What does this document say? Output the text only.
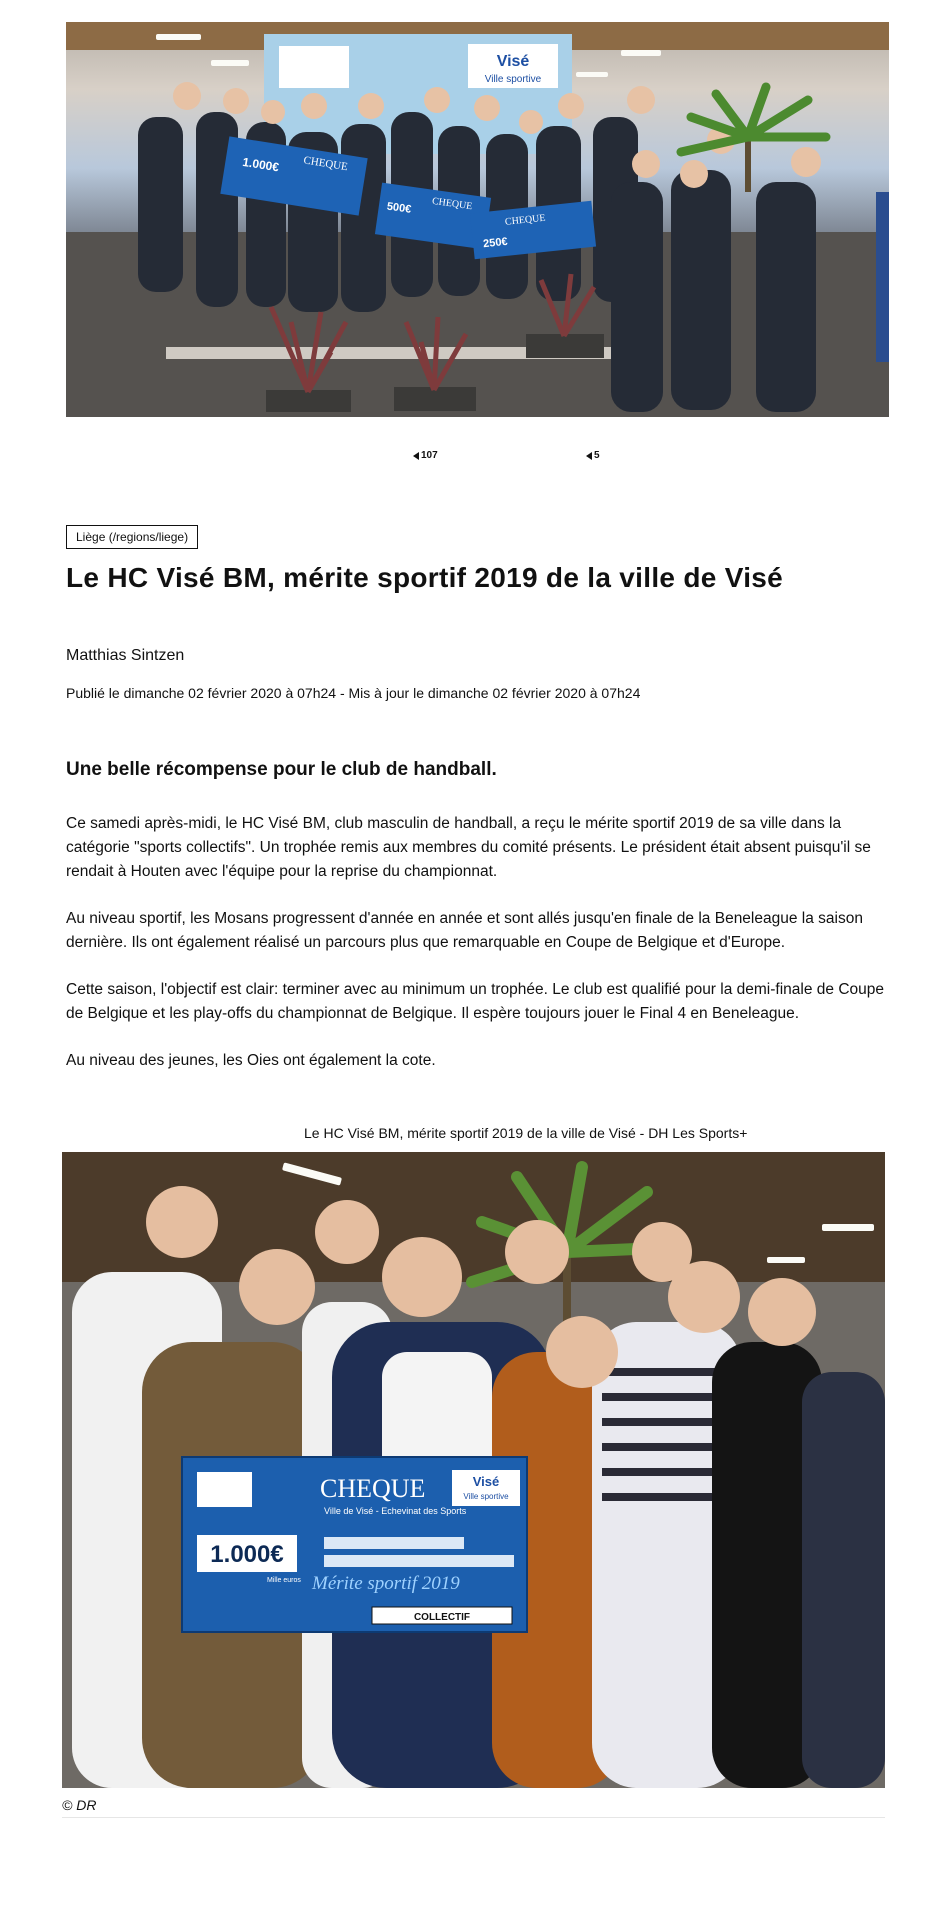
Visé
Ville sportive
1.000€ CHEQUE
500€ CHEQUE
250€
CHEQUE
107	5
Liège (/regions/liege)
Le HC Visé BM, mérite sportif 2019 de la ville de Visé
Matthias Sintzen
Publié le dimanche 02 février 2020 à 07h24 - Mis à jour le dimanche 02 février 2020 à 07h24
Une belle récompense pour le club de handball.

Ce samedi après-midi, le HC Visé BM, club masculin de handball, a reçu le mérite sportif 2019 de sa ville dans la catégorie "sports collectifs". Un trophée remis aux membres du comité présents. Le président était absent puisqu'il se rendait à Houten avec l'équipe pour la reprise du championnat.

Au niveau sportif, les Mosans progressent d'année en année et sont allés jusqu'en finale de la Beneleague la saison dernière. Ils ont également réalisé un parcours plus que remarquable en Coupe de Belgique et d'Europe.

Cette saison, l'objectif est clair: terminer avec au minimum un trophée. Le club est qualifié pour la demi-finale de Coupe de Belgique et les play-offs du championnat de Belgique. Il espère toujours jouer le Final 4 en Beneleague.

Au niveau des jeunes, les Oies ont également la cote.

Le HC Visé BM, mérite sportif 2019 de la ville de Visé - DH Les Sports+
CHEQUE
Ville de Visé - Echevinat des Sports
Visé
Ville sportive
1.000€
Mille euros Mérite sportif 2019
COLLECTIF
© DR
